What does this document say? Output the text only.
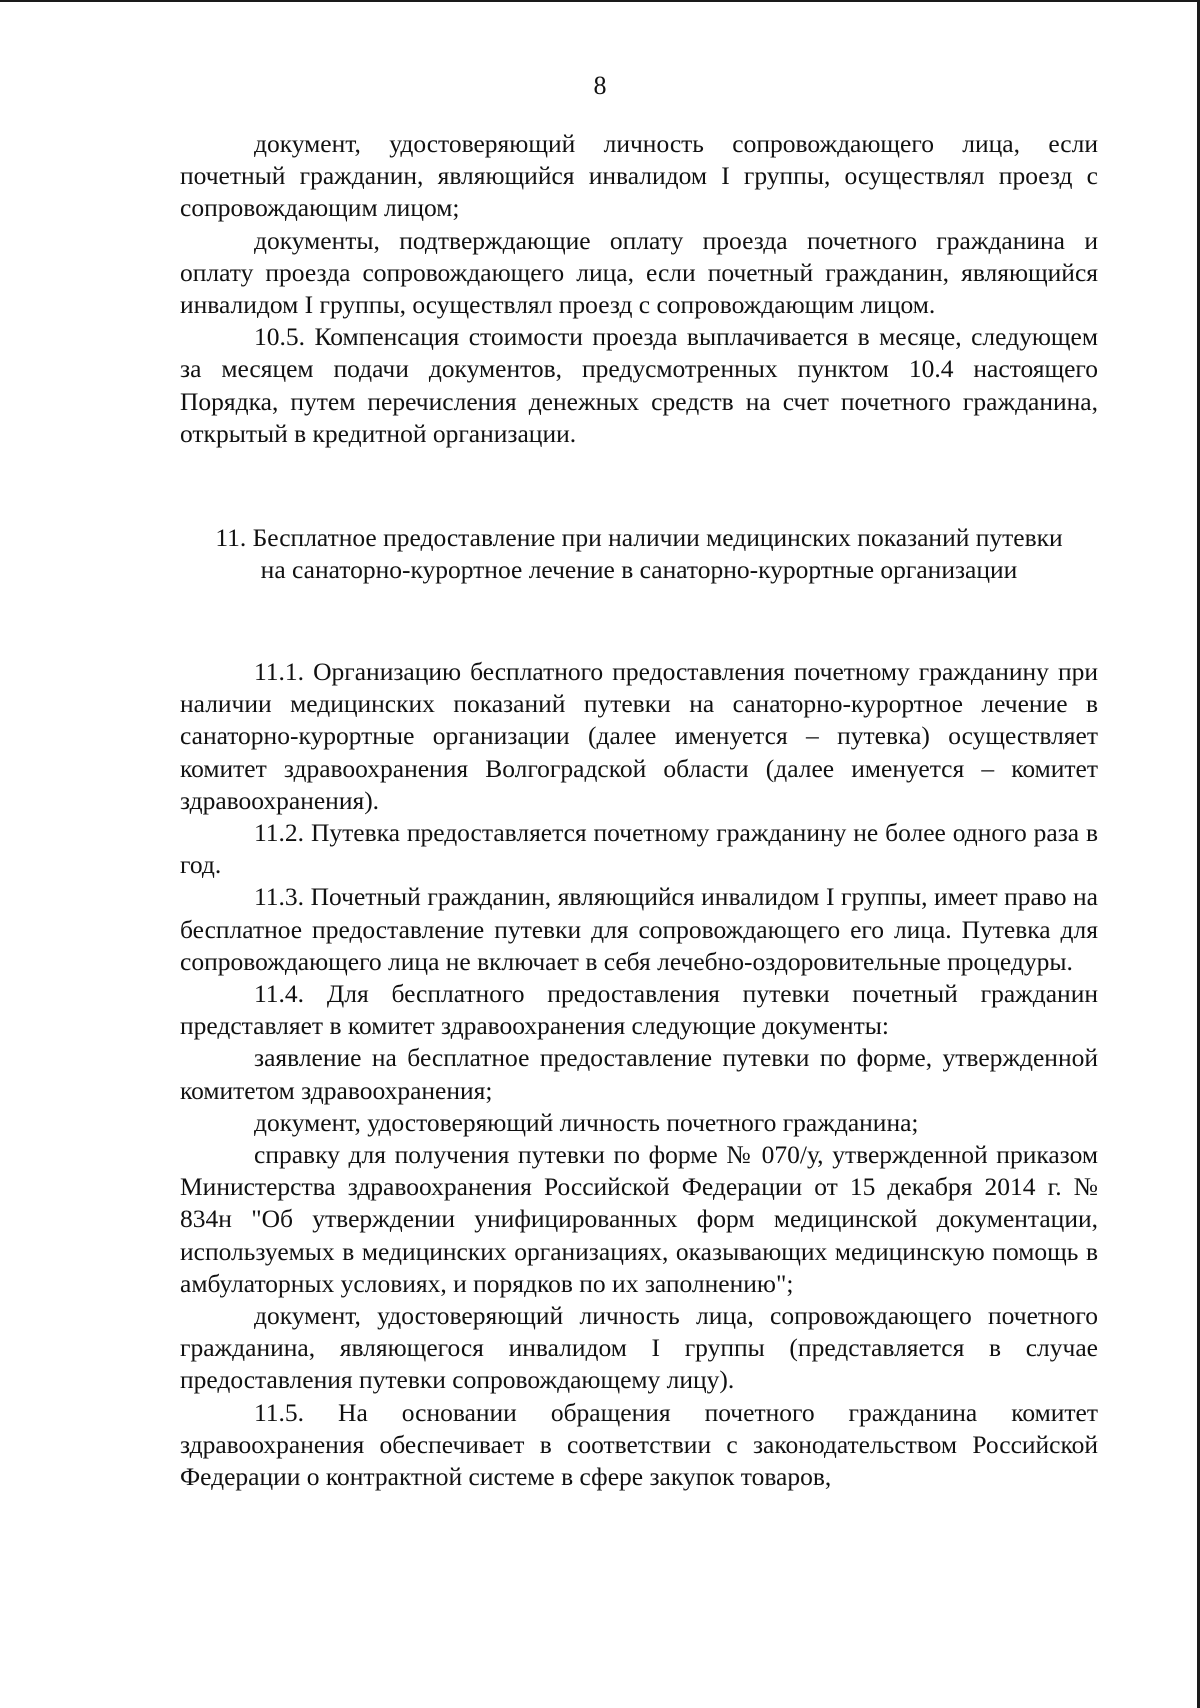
8

документ, удостоверяющий личность сопровождающего лица, если почетный гражданин, являющийся инвалидом I группы, осуществлял проезд с сопровождающим лицом;

документы, подтверждающие оплату проезда почетного гражданина и оплату проезда сопровождающего лица, если почетный гражданин, являющийся инвалидом I группы, осуществлял проезд с сопровождающим лицом.

10.5. Компенсация стоимости проезда выплачивается в месяце, следующем за месяцем подачи документов, предусмотренных пунктом 10.4 настоящего Порядка, путем перечисления денежных средств на счет почетного гражданина, открытый в кредитной организации.

11. Бесплатное предоставление при наличии медицинских показаний путевки на санаторно-курортное лечение в санаторно-курортные организации

11.1. Организацию бесплатного предоставления почетному гражданину при наличии медицинских показаний путевки на санаторно-курортное лечение в санаторно-курортные организации (далее именуется – путевка) осуществляет комитет здравоохранения Волгоградской области (далее именуется – комитет здравоохранения).

11.2. Путевка предоставляется почетному гражданину не более одного раза в год.

11.3. Почетный гражданин, являющийся инвалидом I группы, имеет право на бесплатное предоставление путевки для сопровождающего его лица. Путевка для сопровождающего лица не включает в себя лечебно-оздоровительные процедуры.

11.4. Для бесплатного предоставления путевки почетный гражданин представляет в комитет здравоохранения следующие документы:

заявление на бесплатное предоставление путевки по форме, утвержденной комитетом здравоохранения;

документ, удостоверяющий личность почетного гражданина;

справку для получения путевки по форме № 070/у, утвержденной приказом Министерства здравоохранения Российской Федерации от 15 декабря 2014 г. № 834н "Об утверждении унифицированных форм медицинской документации, используемых в медицинских организациях, оказывающих медицинскую помощь в амбулаторных условиях, и порядков по их заполнению";

документ, удостоверяющий личность лица, сопровождающего почетного гражданина, являющегося инвалидом I группы (представляется в случае предоставления путевки сопровождающему лицу).

11.5. На основании обращения почетного гражданина комитет здравоохранения обеспечивает в соответствии с законодательством Российской Федерации о контрактной системе в сфере закупок товаров,
